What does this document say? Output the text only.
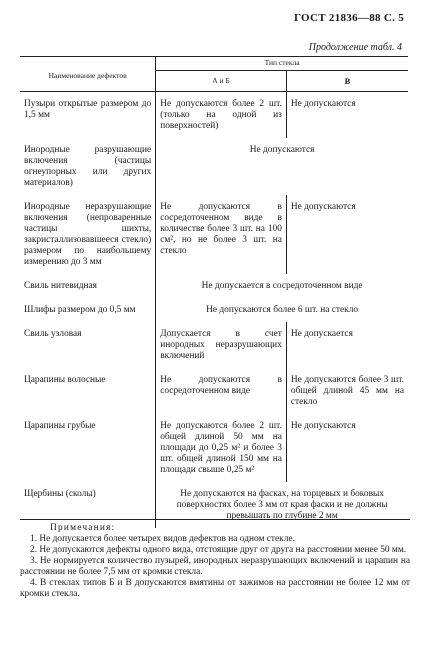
ГОСТ 21836—88 С. 5
Продолжение табл. 4
Наименование дефектов	Тип стекла	
	А и Б	В
Пузыри открытые размером до 1,5 мм	Не допускаются более 2 шт. (только на одной из поверхностей)	Не допускаются
Инородные разрушающие включения (частицы огнеупорных или других материалов)	Не допускаются	
Инородные неразрушающие включения (непроваренные частицы шихты, закристаллизовавшееся стекло) размером по наибольшему измерению до 3 мм	Не допускаются в сосредоточенном виде в количестве более 3 шт. на 100 см², но не более 3 шт. на стекло	Не допускаются
Свиль нитевидная	Не допускается в сосредоточенном виде	
Шлифы размером до 0,5 мм	Не допускаются более 6 шт. на стекло	
Свиль узловая	Допускается в счет инородных неразрушающих включений	Не допускается
Царапины волосные	Не допускаются в сосредоточенном виде	Не допускаются более 3 шт. общей длиной 45 мм на стекло
Царапины грубые	Не допускаются более 2 шт. общей длиной 50 мм на площади до 0,25 м² и более 3 шт. общей длиной 150 мм на площади свыше 0,25 м²	Не допускаются
Щербины (сколы)	Не допускаются на фасках, на торцевых и боковых поверхностях более 3 мм от края фаски и не должны превышать по глубине 2 мм	
Примечания:
1. Не допускается более четырех видов дефектов на одном стекле.
2. Не допускаются дефекты одного вида, отстоящие друг от друга на расстоянии менее 50 мм.
3. Не нормируется количество пузырей, инородных неразрушающих включений и царапин на расстоянии не более 7,5 мм от кромки стекла.
4. В стеклах типов Б и В допускаются вмятины от зажимов на расстоянии не более 12 мм от кромки стекла.
